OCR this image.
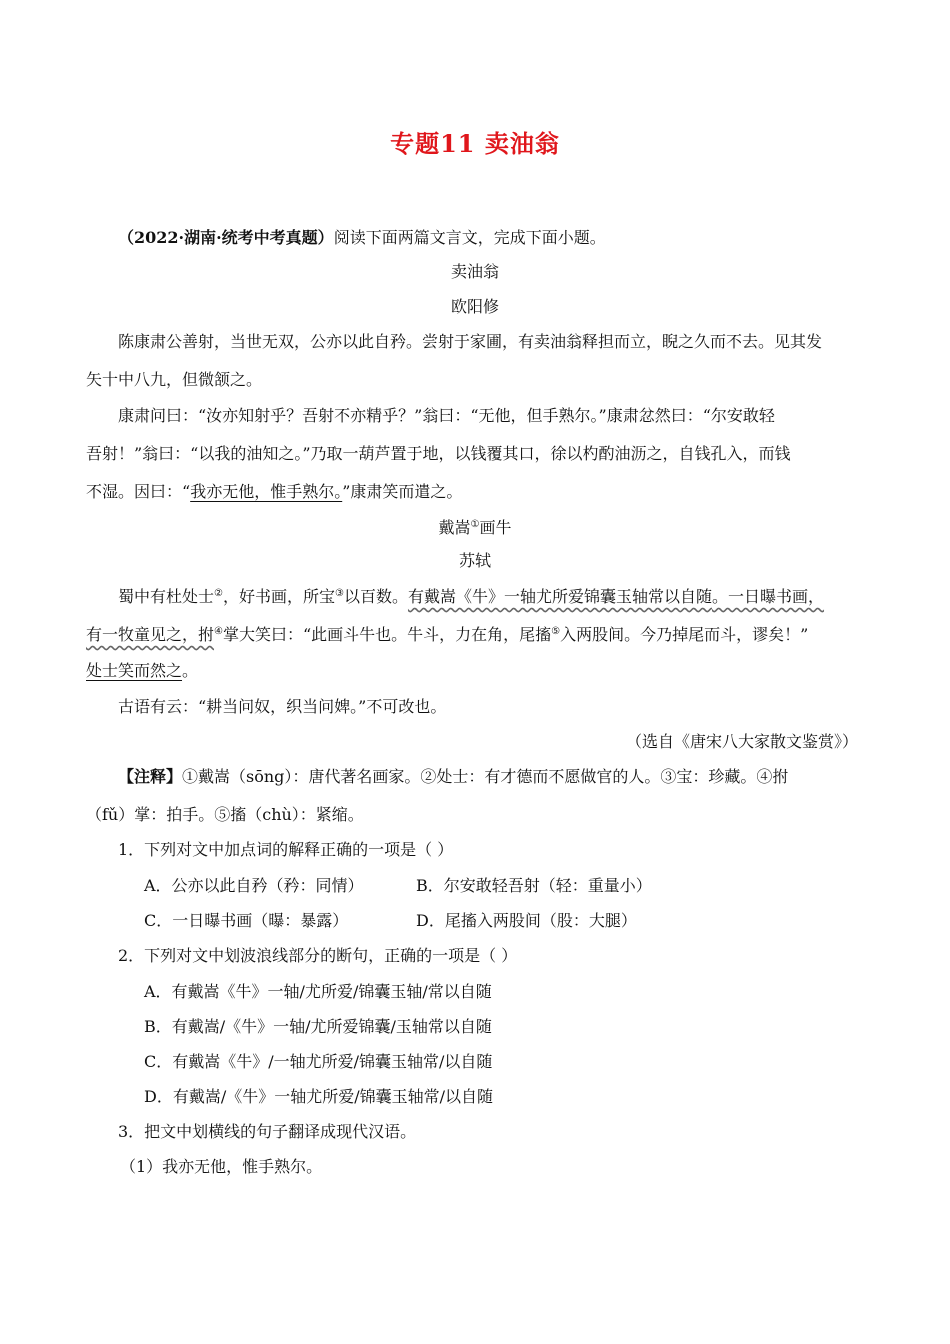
专题11 卖油翁
（2022·湖南·统考中考真题）阅读下面两篇文言文，完成下面小题。
卖油翁
欧阳修
陈康肃公善射，当世无双，公亦以此自矜。尝射于家圃，有卖油翁释担而立，睨之久而不去。见其发
矢十中八九，但微颔之。
康肃问曰：“汝亦知射乎？吾射不亦精乎？”翁曰：“无他，但手熟尔。”康肃忿然曰：“尔安敢轻
吾射！”翁曰：“以我的油知之。”乃取一葫芦置于地，以钱覆其口，徐以杓酌油沥之，自钱孔入，而钱
不湿。因曰：“我亦无他，惟手熟尔。”康肃笑而遣之。
戴嵩①画牛
苏轼
蜀中有杜处士②，好书画，所宝③以百数。有戴嵩《牛》一轴尤所爱锦囊玉轴常以自随。一日曝书画，
有一牧童见之，拊④掌大笑曰：“此画斗牛也。牛斗，力在角，尾搐⑤入两股间。今乃掉尾而斗，谬矣！”
处士笑而然之。
古语有云：“耕当问奴，织当问婢。”不可改也。
（选自《唐宋八大家散文鉴赏》）
【注释】①戴嵩（sōng）：唐代著名画家。②处士：有才德而不愿做官的人。③宝：珍藏。④拊
（fǔ）掌：拍手。⑤搐（chù）：紧缩。
1．下列对文中加点词的解释正确的一项是（ ）
A．公亦以此自矜（矜：同情）	B．尔安敢轻吾射（轻：重量小）
C．一日曝书画（曝：暴露）	D．尾搐入两股间（股：大腿）
2．下列对文中划波浪线部分的断句，正确的一项是（ ）
A．有戴嵩《牛》一轴/尤所爱/锦囊玉轴/常以自随
B．有戴嵩/《牛》一轴/尤所爱锦囊/玉轴常以自随
C．有戴嵩《牛》/一轴尤所爱/锦囊玉轴常/以自随
D．有戴嵩/《牛》一轴尤所爱/锦囊玉轴常/以自随
3．把文中划横线的句子翻译成现代汉语。
（1）我亦无他，惟手熟尔。
